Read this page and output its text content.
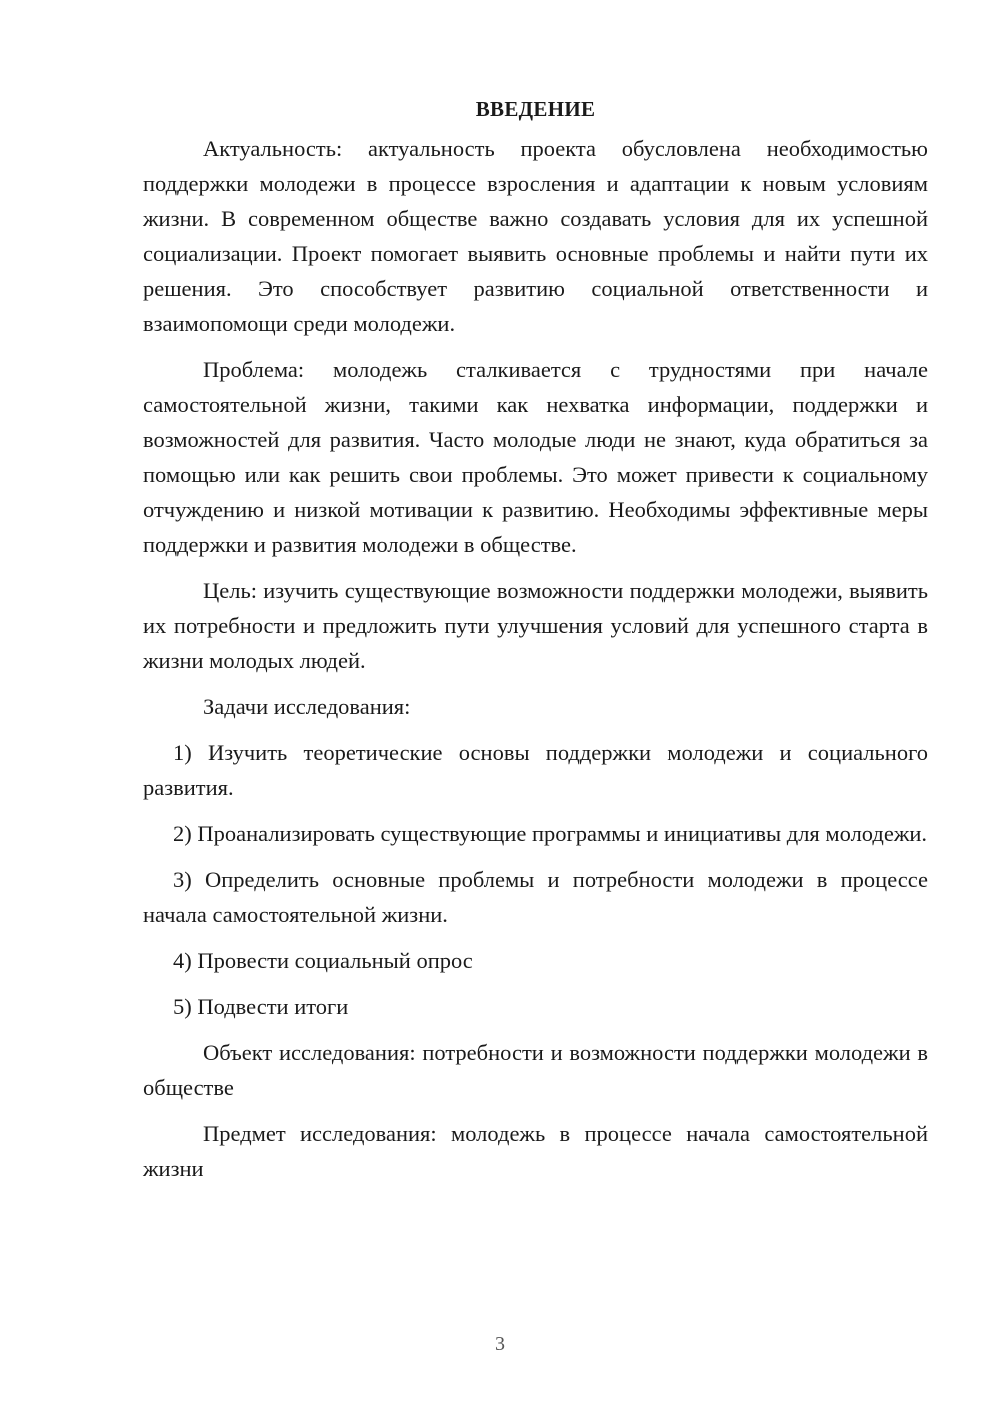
ВВЕДЕНИЕ

Актуальность: актуальность проекта обусловлена необходимостью поддержки молодежи в процессе взросления и адаптации к новым условиям жизни. В современном обществе важно создавать условия для их успешной социализации. Проект помогает выявить основные проблемы и найти пути их решения. Это способствует развитию социальной ответственности и взаимопомощи среди молодежи.

Проблема: молодежь сталкивается с трудностями при начале самостоятельной жизни, такими как нехватка информации, поддержки и возможностей для развития. Часто молодые люди не знают, куда обратиться за помощью или как решить свои проблемы. Это может привести к социальному отчуждению и низкой мотивации к развитию. Необходимы эффективные меры поддержки и развития молодежи в обществе.

Цель: изучить существующие возможности поддержки молодежи, выявить их потребности и предложить пути улучшения условий для успешного старта в жизни молодых людей.

Задачи исследования:

1) Изучить теоретические основы поддержки молодежи и социального развития.

2) Проанализировать существующие программы и инициативы для молодежи.

3) Определить основные проблемы и потребности молодежи в процессе начала самостоятельной жизни.

4) Провести социальный опрос

5) Подвести итоги

Объект исследования: потребности и возможности поддержки молодежи в обществе

Предмет исследования: молодежь в процессе начала самостоятельной жизни

3
